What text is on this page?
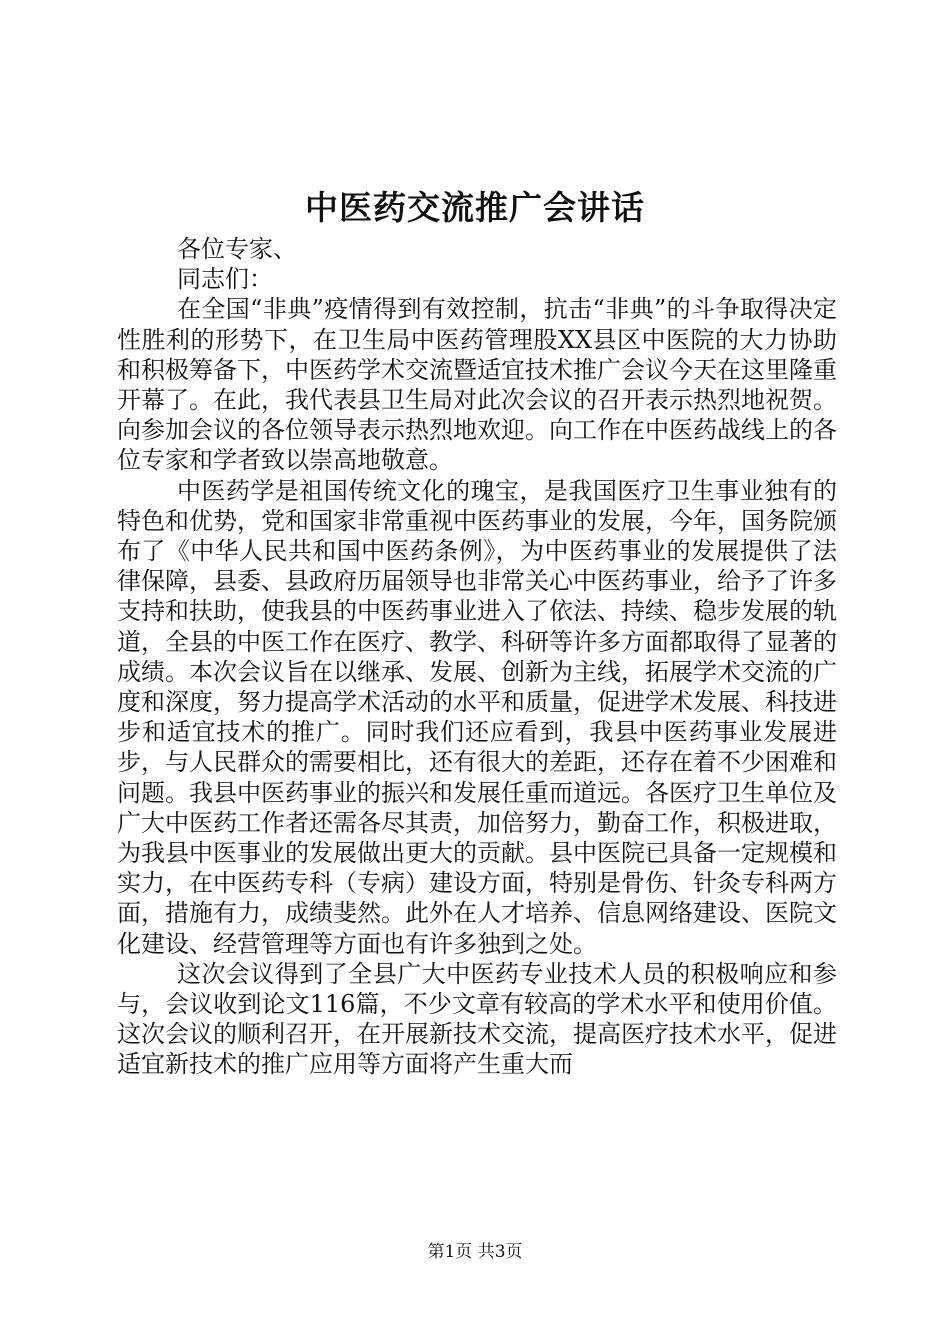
中医药交流推广会讲话

各位专家、

同志们：

在全国“非典”疫情得到有效控制，抗击“非典”的斗争取得决定性胜利的形势下，在卫生局中医药管理股XX县区中医院的大力协助和积极筹备下，中医药学术交流暨适宜技术推广会议今天在这里隆重开幕了。在此，我代表县卫生局对此次会议的召开表示热烈地祝贺。向参加会议的各位领导表示热烈地欢迎。向工作在中医药战线上的各位专家和学者致以崇高地敬意。

中医药学是祖国传统文化的瑰宝，是我国医疗卫生事业独有的特色和优势，党和国家非常重视中医药事业的发展，今年，国务院颁布了《中华人民共和国中医药条例》，为中医药事业的发展提供了法律保障，县委、县政府历届领导也非常关心中医药事业，给予了许多支持和扶助，使我县的中医药事业进入了依法、持续、稳步发展的轨道，全县的中医工作在医疗、教学、科研等许多方面都取得了显著的成绩。本次会议旨在以继承、发展、创新为主线，拓展学术交流的广度和深度，努力提高学术活动的水平和质量，促进学术发展、科技进步和适宜技术的推广。同时我们还应看到，我县中医药事业发展进步，与人民群众的需要相比，还有很大的差距，还存在着不少困难和问题。我县中医药事业的振兴和发展任重而道远。各医疗卫生单位及广大中医药工作者还需各尽其责，加倍努力，勤奋工作，积极进取，为我县中医事业的发展做出更大的贡献。县中医院已具备一定规模和实力，在中医药专科（专病）建设方面，特别是骨伤、针灸专科两方面，措施有力，成绩斐然。此外在人才培养、信息网络建设、医院文化建设、经营管理等方面也有许多独到之处。

这次会议得到了全县广大中医药专业技术人员的积极响应和参与，会议收到论文116篇，不少文章有较高的学术水平和使用价值。这次会议的顺利召开，在开展新技术交流，提高医疗技术水平，促进适宜新技术的推广应用等方面将产生重大而

第1页 共3页
